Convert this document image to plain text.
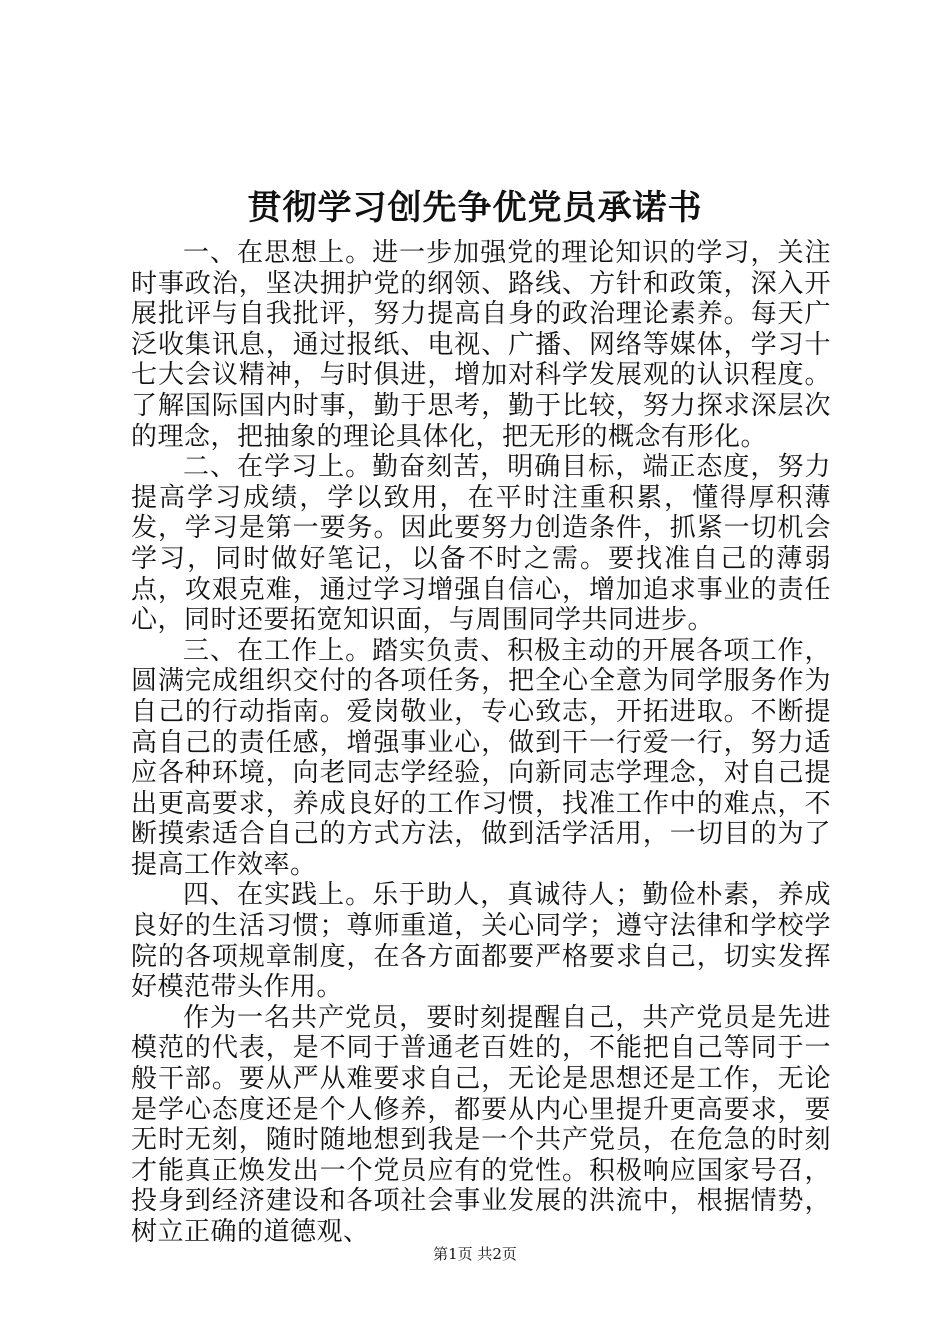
贯彻学习创先争优党员承诺书

一、在思想上。进一步加强党的理论知识的学习，关注时事政治，坚决拥护党的纲领、路线、方针和政策，深入开展批评与自我批评，努力提高自身的政治理论素养。每天广泛收集讯息，通过报纸、电视、广播、网络等媒体，学习十七大会议精神，与时俱进，增加对科学发展观的认识程度。了解国际国内时事，勤于思考，勤于比较，努力探求深层次的理念，把抽象的理论具体化，把无形的概念有形化。

二、在学习上。勤奋刻苦，明确目标，端正态度，努力提高学习成绩，学以致用，在平时注重积累，懂得厚积薄发，学习是第一要务。因此要努力创造条件，抓紧一切机会学习，同时做好笔记，以备不时之需。要找准自己的薄弱点，攻艰克难，通过学习增强自信心，增加追求事业的责任心，同时还要拓宽知识面，与周围同学共同进步。

三、在工作上。踏实负责、积极主动的开展各项工作，圆满完成组织交付的各项任务，把全心全意为同学服务作为自己的行动指南。爱岗敬业，专心致志，开拓进取。不断提高自己的责任感，增强事业心，做到干一行爱一行，努力适应各种环境，向老同志学经验，向新同志学理念，对自己提出更高要求，养成良好的工作习惯，找准工作中的难点，不断摸索适合自己的方式方法，做到活学活用，一切目的为了提高工作效率。

四、在实践上。乐于助人，真诚待人；勤俭朴素，养成良好的生活习惯；尊师重道，关心同学；遵守法律和学校学院的各项规章制度，在各方面都要严格要求自己，切实发挥好模范带头作用。

作为一名共产党员，要时刻提醒自己，共产党员是先进模范的代表，是不同于普通老百姓的，不能把自己等同于一般干部。要从严从难要求自己，无论是思想还是工作，无论是学心态度还是个人修养，都要从内心里提升更高要求，要无时无刻，随时随地想到我是一个共产党员，在危急的时刻才能真正焕发出一个党员应有的党性。积极响应国家号召，投身到经济建设和各项社会事业发展的洪流中，根据情势，树立正确的道德观、

第1页 共2页
